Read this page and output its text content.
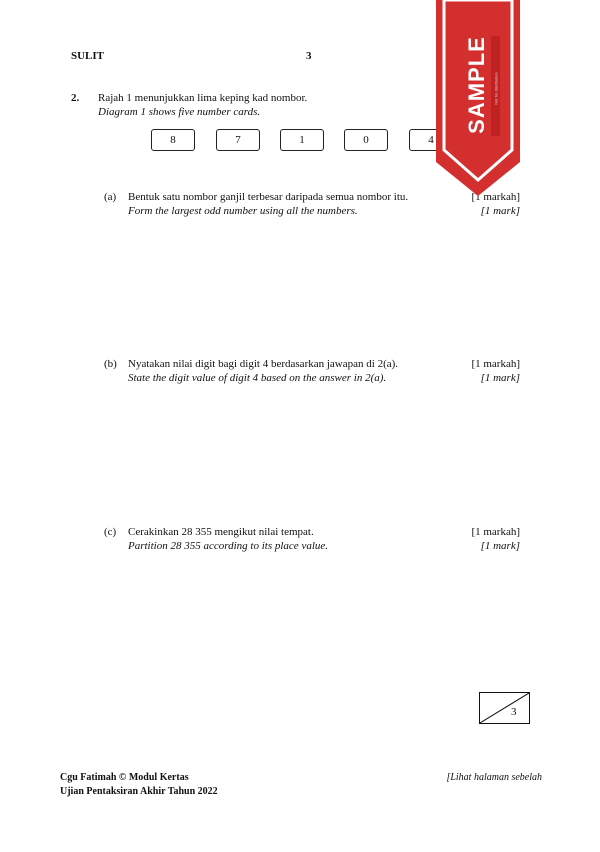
SULIT	3
2. Rajah 1 menunjukkan lima keping kad nombor.
Diagram 1 shows five number cards.
8	7	1	0	4
(a) Bentuk satu nombor ganjil terbesar daripada semua nombor itu.
Form the largest odd number using all the numbers.
[1 markah]
[1 mark]
(b) Nyatakan nilai digit bagi digit 4 berdasarkan jawapan di 2(a).
State the digit value of digit 4 based on the answer in 2(a).
[1 markah]
[1 mark]
(c) Cerakinkan 28 355 mengikut nilai tempat.
Partition 28 355 according to its place value.
[1 markah]
[1 mark]
3
Cgu Fatimah © Modul Kertas
Ujian Pentaksiran Akhir Tahun 2022
[Lihat halaman sebelah
SAMPLE Not for distribution
